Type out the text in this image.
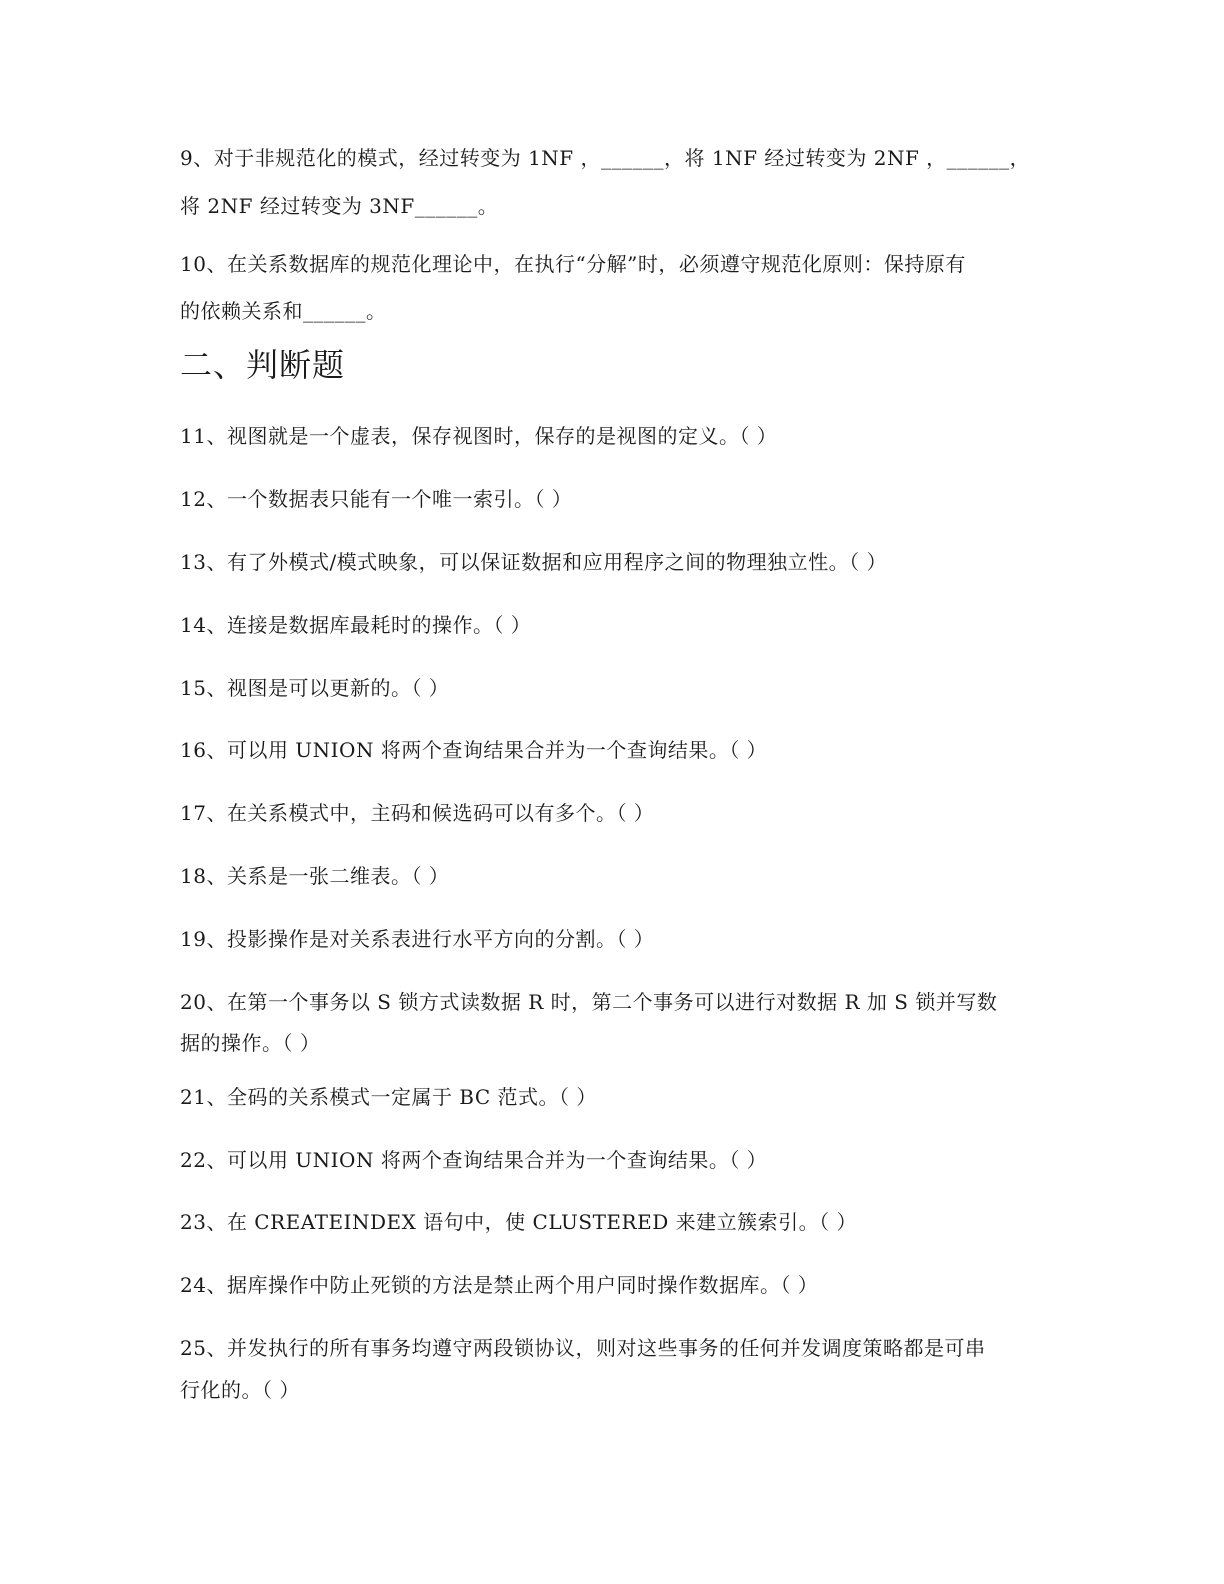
9、对于非规范化的模式，经过转变为 1NF ，______，将 1NF 经过转变为 2NF ，______，
将 2NF 经过转变为 3NF______。
10、在关系数据库的规范化理论中，在执行“分解”时，必须遵守规范化原则：保持原有
的依赖关系和______。
二、判断题
11、视图就是一个虚表，保存视图时，保存的是视图的定义。（ ）
12、一个数据表只能有一个唯一索引。（ ）
13、有了外模式/模式映象，可以保证数据和应用程序之间的物理独立性。（ ）
14、连接是数据库最耗时的操作。（ ）
15、视图是可以更新的。（ ）
16、可以用 UNION 将两个查询结果合并为一个查询结果。（ ）
17、在关系模式中，主码和候选码可以有多个。（ ）
18、关系是一张二维表。（ ）
19、投影操作是对关系表进行水平方向的分割。（ ）
20、在第一个事务以 S 锁方式读数据 R 时，第二个事务可以进行对数据 R 加 S 锁并写数
据的操作。（ ）
21、全码的关系模式一定属于 BC 范式。（ ）
22、可以用 UNION 将两个查询结果合并为一个查询结果。（ ）
23、在 CREATEINDEX 语句中，使 CLUSTERED 来建立簇索引。（ ）
24、据库操作中防止死锁的方法是禁止两个用户同时操作数据库。（ ）
25、并发执行的所有事务均遵守两段锁协议，则对这些事务的任何并发调度策略都是可串
行化的。（ ）
